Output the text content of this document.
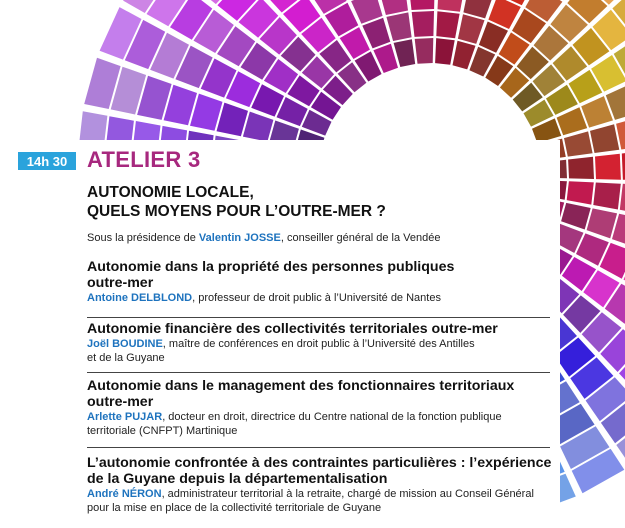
14h 30 ATELIER 3
AUTONOMIE LOCALE,
QUELS MOYENS POUR L’OUTRE-MER ?
Sous la présidence de Valentin JOSSE, conseiller général de la Vendée
Autonomie dans la propriété des personnes publiques
outre-mer
Antoine DELBLOND, professeur de droit public à l’Université de Nantes
Autonomie financière des collectivités territoriales outre-mer
Joël BOUDINE, maître de conférences en droit public à l’Université des Antilles
et de la Guyane
Autonomie dans le management des fonctionnaires territoriaux
outre-mer
Arlette PUJAR, docteur en droit, directrice du Centre national de la fonction publique
territoriale (CNFPT) Martinique
L’autonomie confrontée à des contraintes particulières : l’expérience
de la Guyane depuis la départementalisation
André NÉRON, administrateur territorial à la retraite, chargé de mission au Conseil Général
pour la mise en place de la collectivité territoriale de Guyane
